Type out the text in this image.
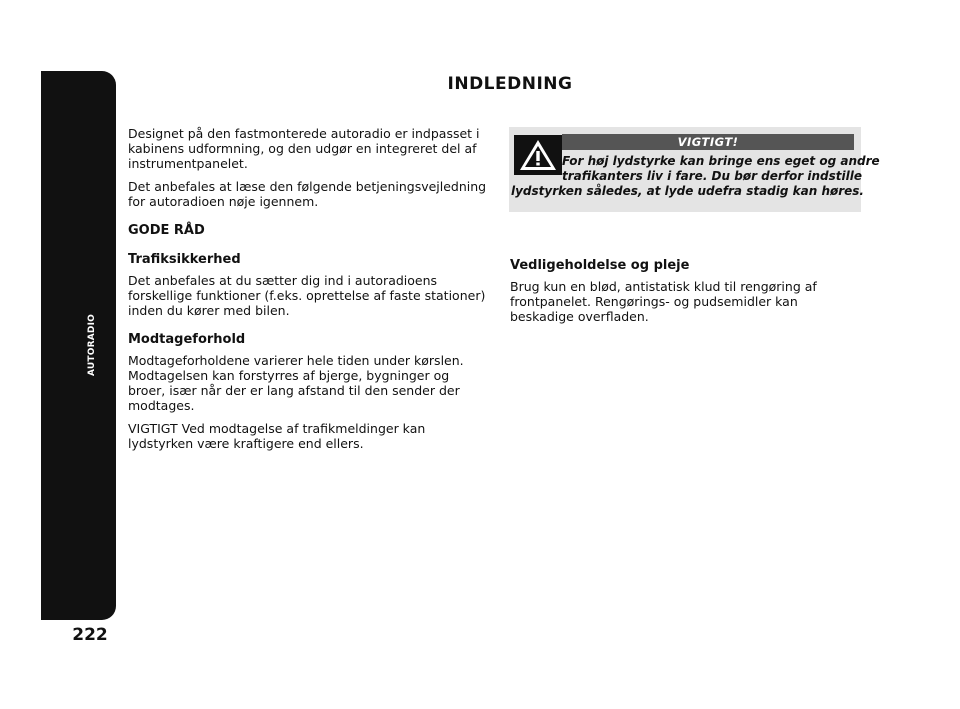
AUTORADIO
222
INDLEDNING

Designet på den fastmonterede autoradio er indpasset i kabinens udformning, og den udgør en integreret del af instrumentpanelet.

Det anbefales at læse den følgende betjeningsvejledning for autoradioen nøje igennem.

GODE RÅD
Trafiksikkerhed

Det anbefales at du sætter dig ind i autoradioens forskellige funktioner (f.eks. oprettelse af faste stationer) inden du kører med bilen.

Modtageforhold

Modtageforholdene varierer hele tiden under kørslen. Modtagelsen kan forstyrres af bjerge, bygninger og broer, især når der er lang afstand til den sender der modtages.

VIGTIGT Ved modtagelse af trafikmeldinger kan lydstyrken være kraftigere end ellers.

VIGTIGT!
For høj lydstyrke kan bringe ens eget og andre
trafikanters liv i fare. Du bør derfor indstille
lydstyrken således, at lyde udefra stadig kan høres.
Vedligeholdelse og pleje

Brug kun en blød, antistatisk klud til rengøring af frontpanelet. Rengørings- og pudsemidler kan beskadige overfladen.
